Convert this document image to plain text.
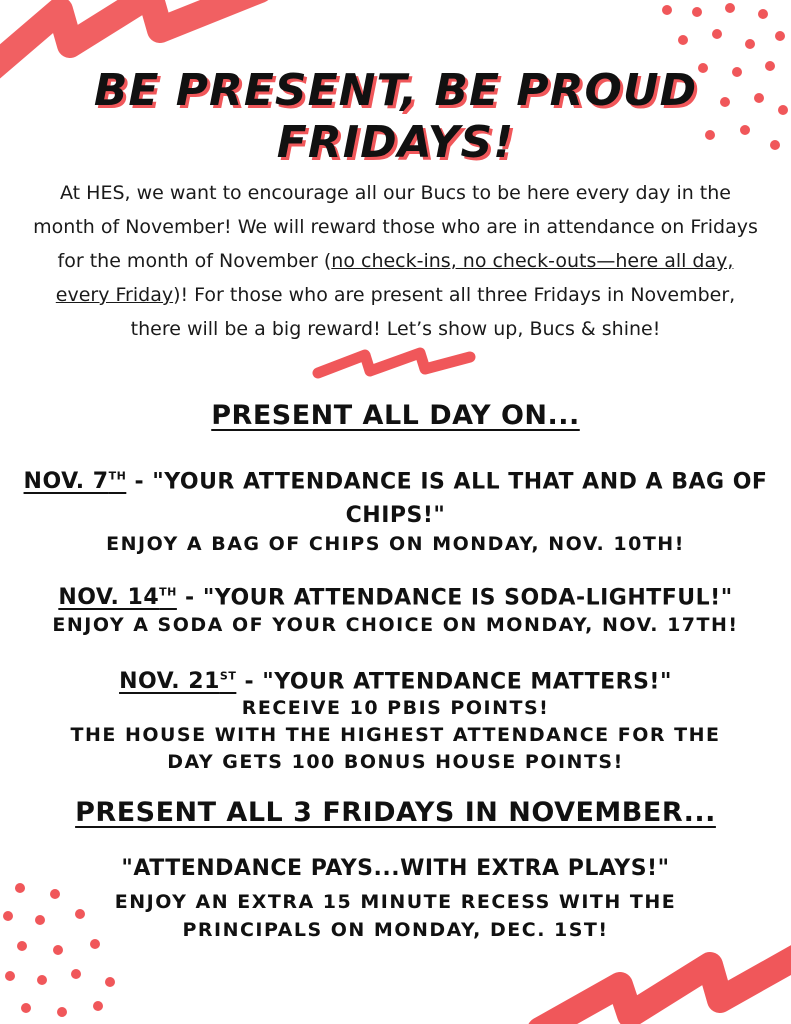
BE PRESENT, BE PROUD
FRIDAYS!
At HES, we want to encourage all our Bucs to be here every day in the month of November! We will reward those who are in attendance on Fridays for the month of November (no check-ins, no check-outs—here all day, every Friday)! For those who are present all three Fridays in November, there will be a big reward! Let’s show up, Bucs & shine!
PRESENT ALL DAY ON...
NOV. 7TH - "YOUR ATTENDANCE IS ALL THAT AND A BAG OF
CHIPS!"
ENJOY A BAG OF CHIPS ON MONDAY, NOV. 10TH!
NOV. 14TH - "YOUR ATTENDANCE IS SODA-LIGHTFUL!"
ENJOY A SODA OF YOUR CHOICE ON MONDAY, NOV. 17TH!
NOV. 21ST - "YOUR ATTENDANCE MATTERS!"
RECEIVE 10 PBIS POINTS!
THE HOUSE WITH THE HIGHEST ATTENDANCE FOR THE
DAY GETS 100 BONUS HOUSE POINTS!
PRESENT ALL 3 FRIDAYS IN NOVEMBER...
"ATTENDANCE PAYS...WITH EXTRA PLAYS!"
ENJOY AN EXTRA 15 MINUTE RECESS WITH THE
PRINCIPALS ON MONDAY, DEC. 1ST!
